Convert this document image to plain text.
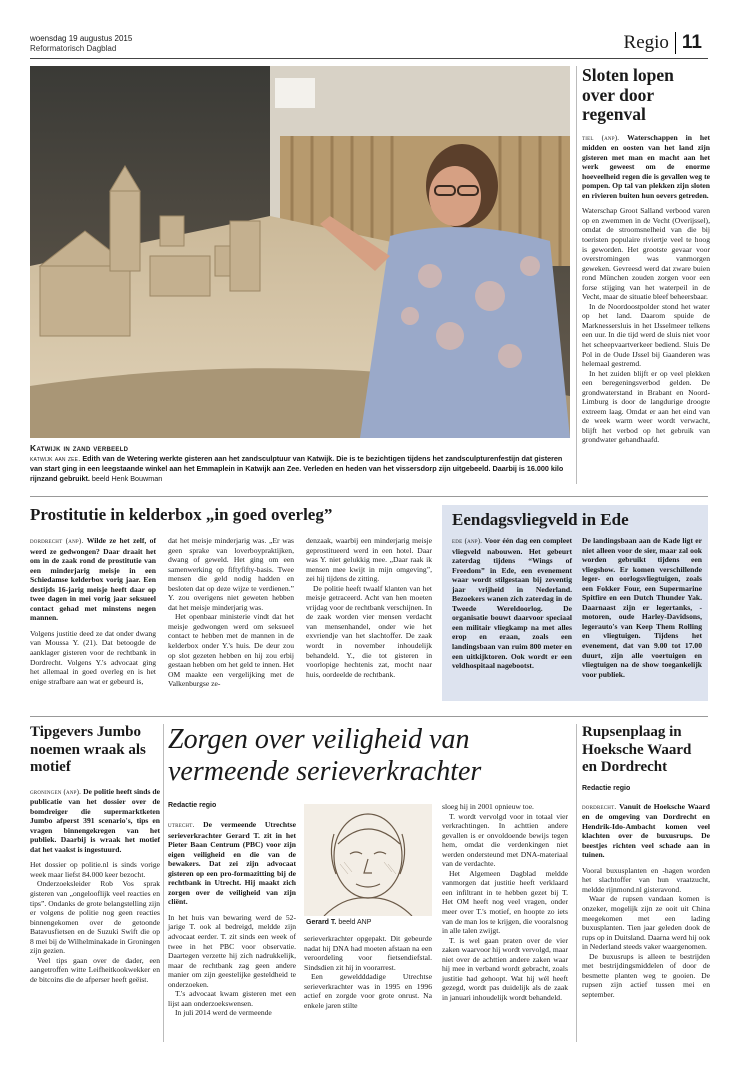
woensdag 19 augustus 2015
Reformatorisch Dagblad	Regio 11
Katwijk in zand verbeeld
katwijk aan zee. Edith van de Wetering werkte gisteren aan het zandsculptuur van Katwijk. Die is te bezichtigen tijdens het zandsculpturenfestijn dat gisteren van start ging in een leegstaande winkel aan het Emmaplein in Katwijk aan Zee. Verleden en heden van het vissersdorp zijn uitgebeeld. Daarbij is 16.000 kilo rijnzand gebruikt. beeld Henk Bouwman
Sloten lopen over door regenval

tiel (anp). Waterschappen in het midden en oosten van het land zijn gisteren met man en macht aan het werk geweest om de enorme hoeveelheid regen die is gevallen weg te pompen. Op tal van plekken zijn sloten en rivieren buiten hun oevers getreden.

Waterschap Groot Salland verbood varen op en zwemmen in de Vecht (Overijssel), omdat de stroomsnelheid van die bij toeristen populaire riviertje veel te hoog is geworden. Het grootste gevaar voor overstromingen was vanmorgen geweken. Gevreesd werd dat zware buien rond München zouden zorgen voor een forse stijging van het waterpeil in de Vecht, maar de situatie bleef beheersbaar.

In de Noordoostpolder stond het water op het land. Daarom spuide de Marknessersluis in het IJsselmeer telkens een uur. In die tijd werd de sluis niet voor het scheepvaartverkeer bediend. Sluis De Pol in de Oude IJssel bij Gaanderen was helemaal gestremd.

In het zuiden blijft er op veel plekken een beregeningsverbod gelden. De grondwaterstand in Brabant en Noord-Limburg is door de langdurige droogte extreem laag. Omdat er aan het eind van de week warm weer wordt verwacht, blijft het verbod op het gebruik van grondwater gehandhaafd.

Prostitutie in kelderbox „in goed overleg”

dordrecht (anp). Wilde ze het zelf, of werd ze gedwongen? Daar draait het om in de zaak rond de prostitutie van een minderjarig meisje in een Schiedamse kelderbox vorig jaar. Een destijds 16-jarig meisje heeft daar op twee dagen in mei vorig jaar seksueel contact gehad met minstens negen mannen.

Volgens justitie deed ze dat onder dwang van Moussa Y. (21). Dat betoogde de aanklager gisteren voor de rechtbank in Dordrecht. Volgens Y.'s advocaat ging het allemaal in goed overleg en is het enige strafbare aan wat er gebeurd is,

dat het meisje minderjarig was. „Er was geen sprake van loverboypraktijken, dwang of geweld. Het ging om een samenwerking op fiftyfifty-basis. Twee mensen die geld nodig hadden en besloten dat op deze wijze te verdienen.” Y. zou overigens niet geweten hebben dat het meisje minderjarig was.

Het openbaar ministerie vindt dat het meisje gedwongen werd om seksueel contact te hebben met de mannen in de kelderbox onder Y.'s huis. De deur zou op slot gezeten hebben en hij zou erbij gestaan hebben om het geld te innen. Het OM maakte een vergelijking met de Valkenburgse ze-

denzaak, waarbij een minderjarig meisje geprostitueerd werd in een hotel. Daar was Y. niet gelukkig mee. „Daar raak ik mensen mee kwijt in mijn omgeving”, zei hij tijdens de zitting.

De politie heeft twaalf klanten van het meisje getraceerd. Acht van hen moeten vrijdag voor de rechtbank verschijnen. In de zaak worden vier mensen verdacht van mensenhandel, onder wie het exvriendje van het slachtoffer. De zaak wordt in november inhoudelijk behandeld. Y., die tot gisteren in voorlopige hechtenis zat, mocht naar huis, oordeelde de rechtbank.

Eendagsvliegveld in Ede

ede (anp). Voor één dag een compleet vliegveld nabouwen. Het gebeurt zaterdag tijdens “Wings of Freedom” in Ede, een evenement waar wordt stilgestaan bij zeventig jaar vrijheid in Nederland. Bezoekers wanen zich zaterdag in de Tweede Wereldoorlog. De organisatie bouwt daarvoor speciaal een militair vliegkamp na met alles erop en eraan, zoals een landingsbaan van ruim 800 meter en een uitkijktoren. Ook wordt er een veldhospitaal nagebootst.

De landingsbaan aan de Kade ligt er niet alleen voor de sier, maar zal ook worden gebruikt tijdens een vliegshow. Er komen verschillende leger- en oorlogsvliegtuigen, zoals een Fokker Four, een Supermarine Spitfire en een Dutch Thunder Yak. Daarnaast zijn er legertanks, -motoren, oude Harley-Davidsons, legerauto's van Keep Them Rolling en vliegtuigen. Tijdens het evenement, dat van 9.00 tot 17.00 duurt, zijn alle voertuigen en vliegtuigen na de show toegankelijk voor publiek.

Tipgevers Jumbo noemen wraak als motief

groningen (anp). De politie heeft sinds de publicatie van het dossier over de bomdreiger die supermarktketen Jumbo afperst 391 scenario's, tips en vragen binnengekregen van het publiek. Daarbij is wraak het motief dat het vaakst is ingestuurd.

Het dossier op politie.nl is sinds vorige week maar liefst 84.000 keer bezocht.

Onderzoeksleider Rob Vos sprak gisteren van „ongelooflijk veel reacties en tips”. Ondanks de grote belangstelling zijn er volgens de politie nog geen reacties binnengekomen over de getoonde Batavusfietsen en de Suzuki Swift die op 8 mei bij de Wilhelminakade in Groningen zijn gezien.

Veel tips gaan over de dader, een aangetroffen witte Leifheitkookwekker en de bitcoins die de afperser heeft geëist.

Zorgen over veiligheid van vermeende serieverkrachter
Redactie regio

utrecht. De vermeende Utrechtse serieverkrachter Gerard T. zit in het Pieter Baan Centrum (PBC) voor zijn eigen veiligheid en die van de bewakers. Dat zei zijn advocaat gisteren op een pro-formazitting bij de rechtbank in Utrecht. Hij maakt zich zorgen over de veiligheid van zijn cliënt.

In het huis van bewaring werd de 52-jarige T. ook al bedreigd, meldde zijn advocaat eerder. T. zit sinds een week of twee in het PBC voor observatie. Daartegen verzette hij zich nadrukkelijk, maar de rechtbank zag geen andere manier om zijn geestelijke gesteldheid te onderzoeken.

T.'s advocaat kwam gisteren met een lijst aan onderzoekswensen.

In juli 2014 werd de vermeende

Gerard T. beeld ANP

serieverkrachter opgepakt. Dit gebeurde nadat hij DNA had moeten afstaan na een veroordeling voor fietsendiefstal. Sindsdien zit hij in voorarrest.

Een geweldddadige Utrechtse serieverkrachter was in 1995 en 1996 actief en zorgde voor grote onrust. Na enkele jaren stilte

sloeg hij in 2001 opnieuw toe.

T. wordt vervolgd voor in totaal vier verkrachtingen. In achttien andere gevallen is er onvoldoende bewijs tegen hem, omdat die verdenkingen niet werden ondersteund met DNA-materiaal van de verdachte.

Het Algemeen Dagblad meldde vanmorgen dat justitie heeft verklaard een infiltrant in te hebben gezet bij T. Het OM heeft nog veel vragen, onder meer over T.'s motief, en hoopte zo iets van de man los te krijgen, die vooralsnog in alle talen zwijgt.

T. is wel gaan praten over de vier zaken waarvoor hij wordt vervolgd, maar niet over de achttien andere zaken waar hij mee in verband wordt gebracht, zoals justitie had gehoopt. Wat hij wél heeft gezegd, wordt pas duidelijk als de zaak in januari inhoudelijk wordt behandeld.

Rupsenplaag in Hoeksche Waard en Dordrecht
Redactie regio

dordrecht. Vanuit de Hoeksche Waard en de omgeving van Dordrecht en Hendrik-Ido-Ambacht komen veel klachten over de buxusrups. De beestjes richten veel schade aan in tuinen.

Vooral buxusplanten en -hagen worden het slachtoffer van hun vraatzucht, meldde rijnmond.nl gisteravond.

Waar de rupsen vandaan komen is onzeker, mogelijk zijn ze ooit uit China meegekomen met een lading buxusplanten. Tien jaar geleden dook de rups op in Duitsland. Daarna werd hij ook in Nederland steeds vaker waargenomen.

De buxusrups is alleen te bestrijden met bestrijdingsmiddelen of door de besmette planten weg te gooien. De rupsen zijn actief tussen mei en september.
